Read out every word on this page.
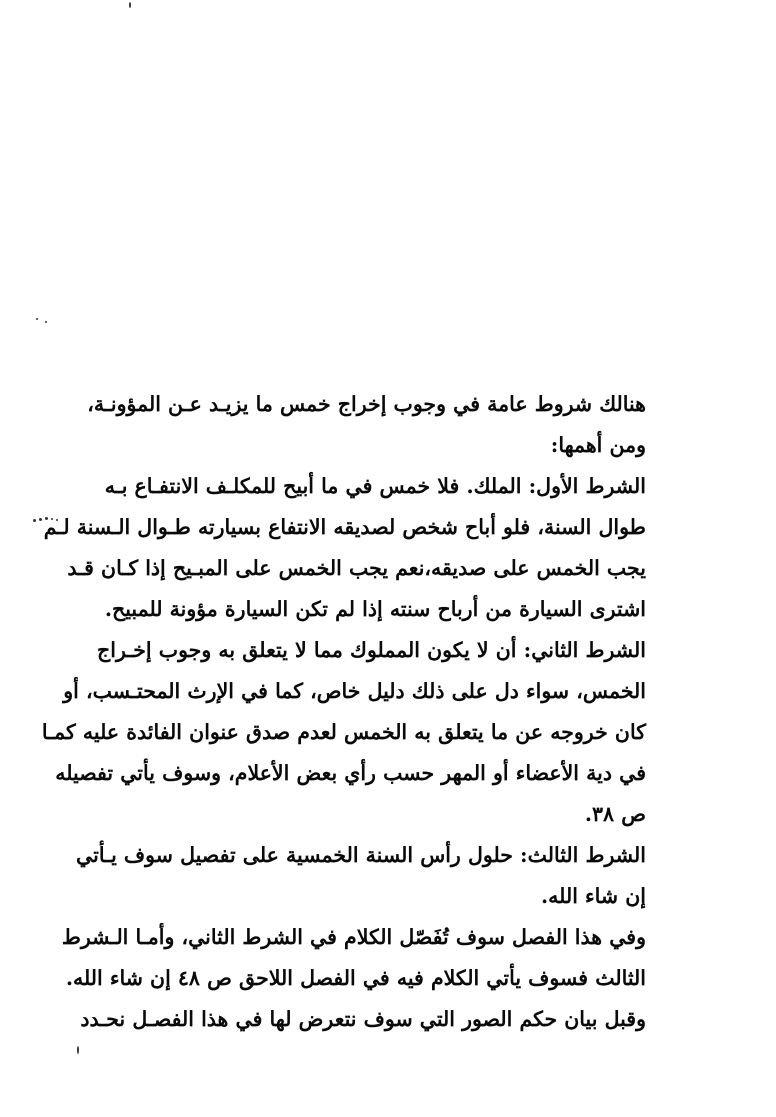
هنالك شروط عامة في وجوب إخراج خمس ما يزيـد عـن المؤونـة،
ومن أهمها:
الشرط الأول: الملك. فلا خمس في ما أبيح للمكلـف الانتفـاع بـه
طوال السنة، فلو أباح شخص لصديقه الانتفاع بسيارته طـوال الـسنة لـم
يجب الخمس على صديقه،نعم يجب الخمس على المبـيح إذا كـان قـد
اشترى السيارة من أرباح سنته إذا لم تكن السيارة مؤونة للمبيح.
الشرط الثاني: أن لا يكون المملوك مما لا يتعلق به وجوب إخـراج
الخمس، سواء دل على ذلك دليل خاص، كما في الإرث المحتـسب، أو
كان خروجه عن ما يتعلق به الخمس لعدم صدق عنوان الفائدة عليه كمـا
في دية الأعضاء أو المهر حسب رأي بعض الأعلام، وسوف يأتي تفصيله
ص ٣٨.
الشرط الثالث: حلول رأس السنة الخمسية على تفصيل سوف يـأتي
إن شاء الله.
وفي هذا الفصل سوف تُفَصّل الكلام في الشرط الثاني، وأمـا الـشرط
الثالث فسوف يأتي الكلام فيه في الفصل اللاحق ص ٤٨ إن شاء الله.
وقبل بيان حكم الصور التي سوف نتعرض لها في هذا الفصـل نحـدد
